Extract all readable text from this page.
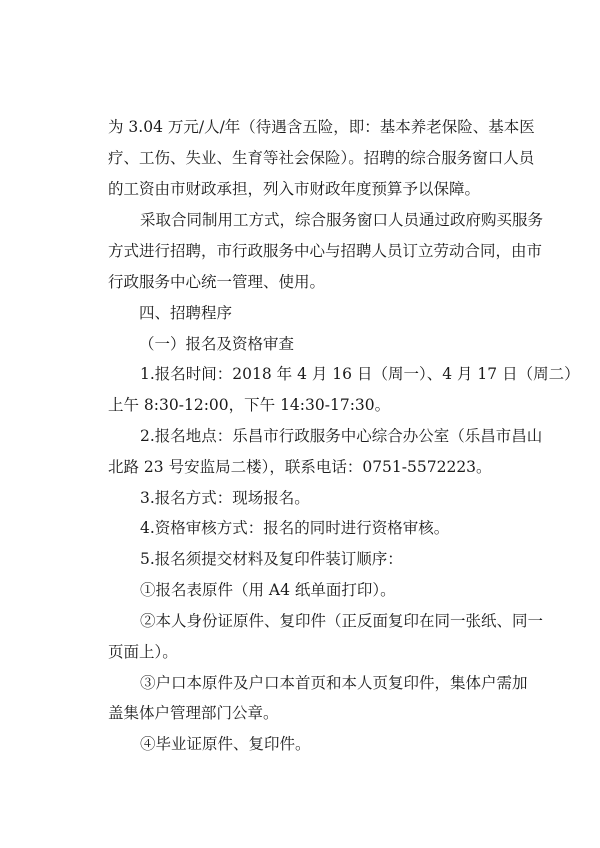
为 3.04 万元/人/年（待遇含五险，即：基本养老保险、基本医
疗、工伤、失业、生育等社会保险）。招聘的综合服务窗口人员
的工资由市财政承担，列入市财政年度预算予以保障。
采取合同制用工方式，综合服务窗口人员通过政府购买服务
方式进行招聘，市行政服务中心与招聘人员订立劳动合同，由市
行政服务中心统一管理、使用。
四、招聘程序
（一）报名及资格审查
1.报名时间：2018 年 4 月 16 日（周一）、4 月 17 日（周二）
上午 8:30-12:00，下午 14:30-17:30。
2.报名地点：乐昌市行政服务中心综合办公室（乐昌市昌山
北路 23 号安监局二楼），联系电话：0751-5572223。
3.报名方式：现场报名。
4.资格审核方式：报名的同时进行资格审核。
5.报名须提交材料及复印件装订顺序：
①报名表原件（用 A4 纸单面打印）。
②本人身份证原件、复印件（正反面复印在同一张纸、同一
页面上）。
③户口本原件及户口本首页和本人页复印件，集体户需加
盖集体户管理部门公章。
④毕业证原件、复印件。
